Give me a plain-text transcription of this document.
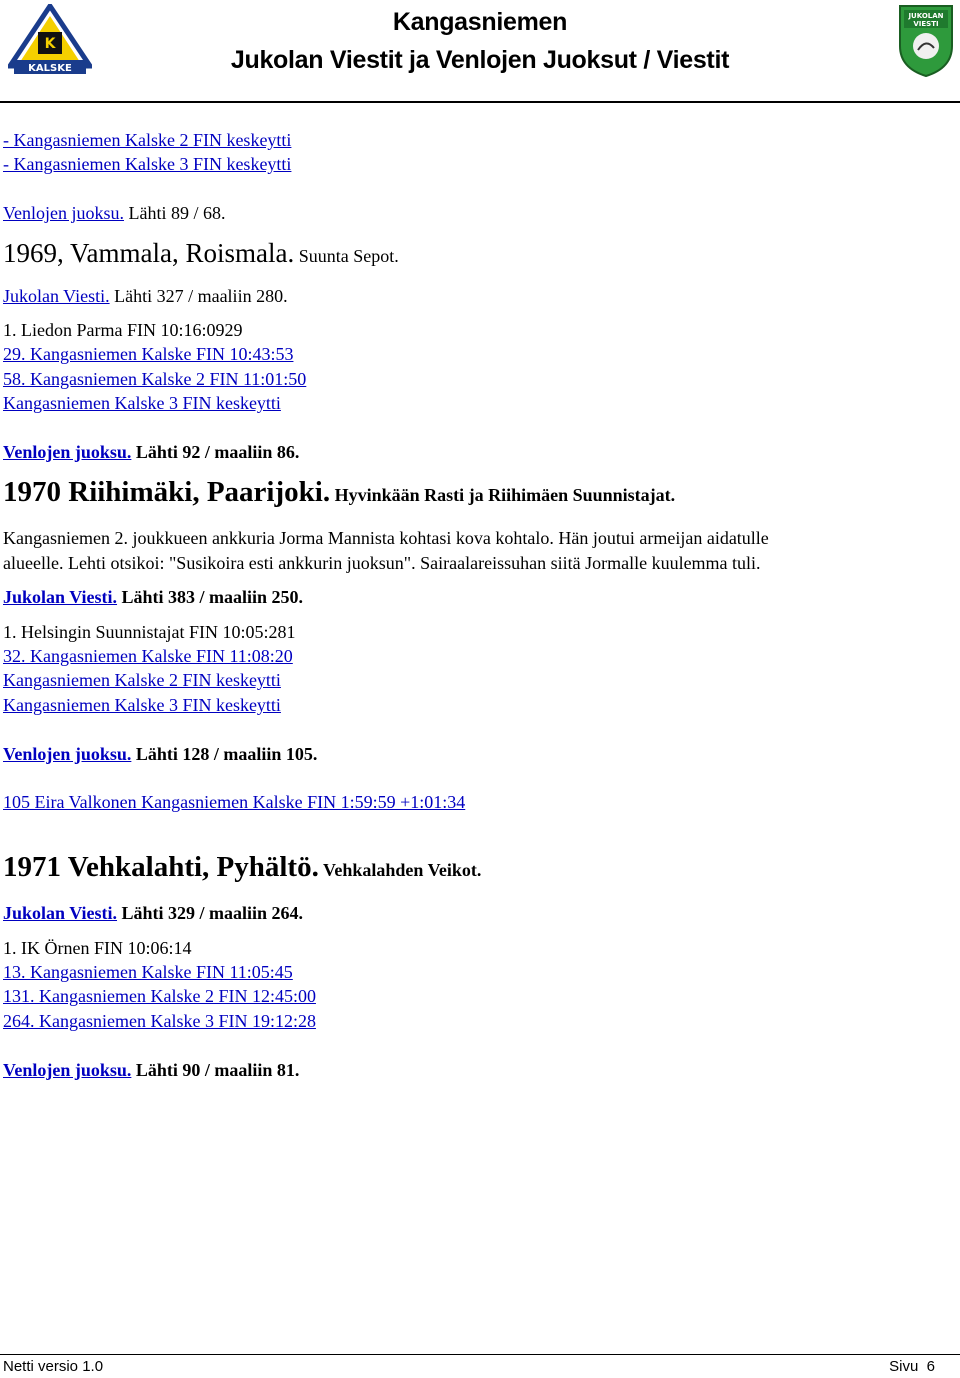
K
KALSKE
Kangasniemen
Jukolan Viestit ja Venlojen Juoksut / Viestit
JUKOLAN
VIESTI
JUKOLAN VIESTI
- Kangasniemen Kalske 2 FIN keskeytti
- Kangasniemen Kalske 3 FIN keskeytti
Venlojen juoksu. Lähti 89 / 68.
1969, Vammala, Roismala. Suunta Sepot.
Jukolan Viesti. Lähti 327 / maaliin 280.
1. Liedon Parma FIN 10:16:0929
29. Kangasniemen Kalske FIN 10:43:53
58. Kangasniemen Kalske 2 FIN 11:01:50
Kangasniemen Kalske 3 FIN keskeytti
Venlojen juoksu. Lähti 92 / maaliin 86.
1970 Riihimäki, Paarijoki. Hyvinkään Rasti ja Riihimäen Suunnistajat.
Kangasniemen 2. joukkueen ankkuria Jorma Mannista kohtasi kova kohtalo. Hän joutui armeijan aidatulle
alueelle. Lehti otsikoi: "Susikoira esti ankkurin juoksun". Sairaalareissuhan siitä Jormalle kuulemma tuli.
Jukolan Viesti. Lähti 383 / maaliin 250.
1. Helsingin Suunnistajat FIN 10:05:281
32. Kangasniemen Kalske FIN 11:08:20
Kangasniemen Kalske 2 FIN keskeytti
Kangasniemen Kalske 3 FIN keskeytti
Venlojen juoksu. Lähti 128 / maaliin 105.
105 Eira Valkonen Kangasniemen Kalske FIN 1:59:59 +1:01:34
1971 Vehkalahti, Pyhältö. Vehkalahden Veikot.
Jukolan Viesti. Lähti 329 / maaliin 264.
1. IK Örnen FIN 10:06:14
13. Kangasniemen Kalske FIN 11:05:45
131. Kangasniemen Kalske 2 FIN 12:45:00
264. Kangasniemen Kalske 3 FIN 19:12:28
Venlojen juoksu. Lähti 90 / maaliin 81.
Netti versio 1.0	Sivu  6
